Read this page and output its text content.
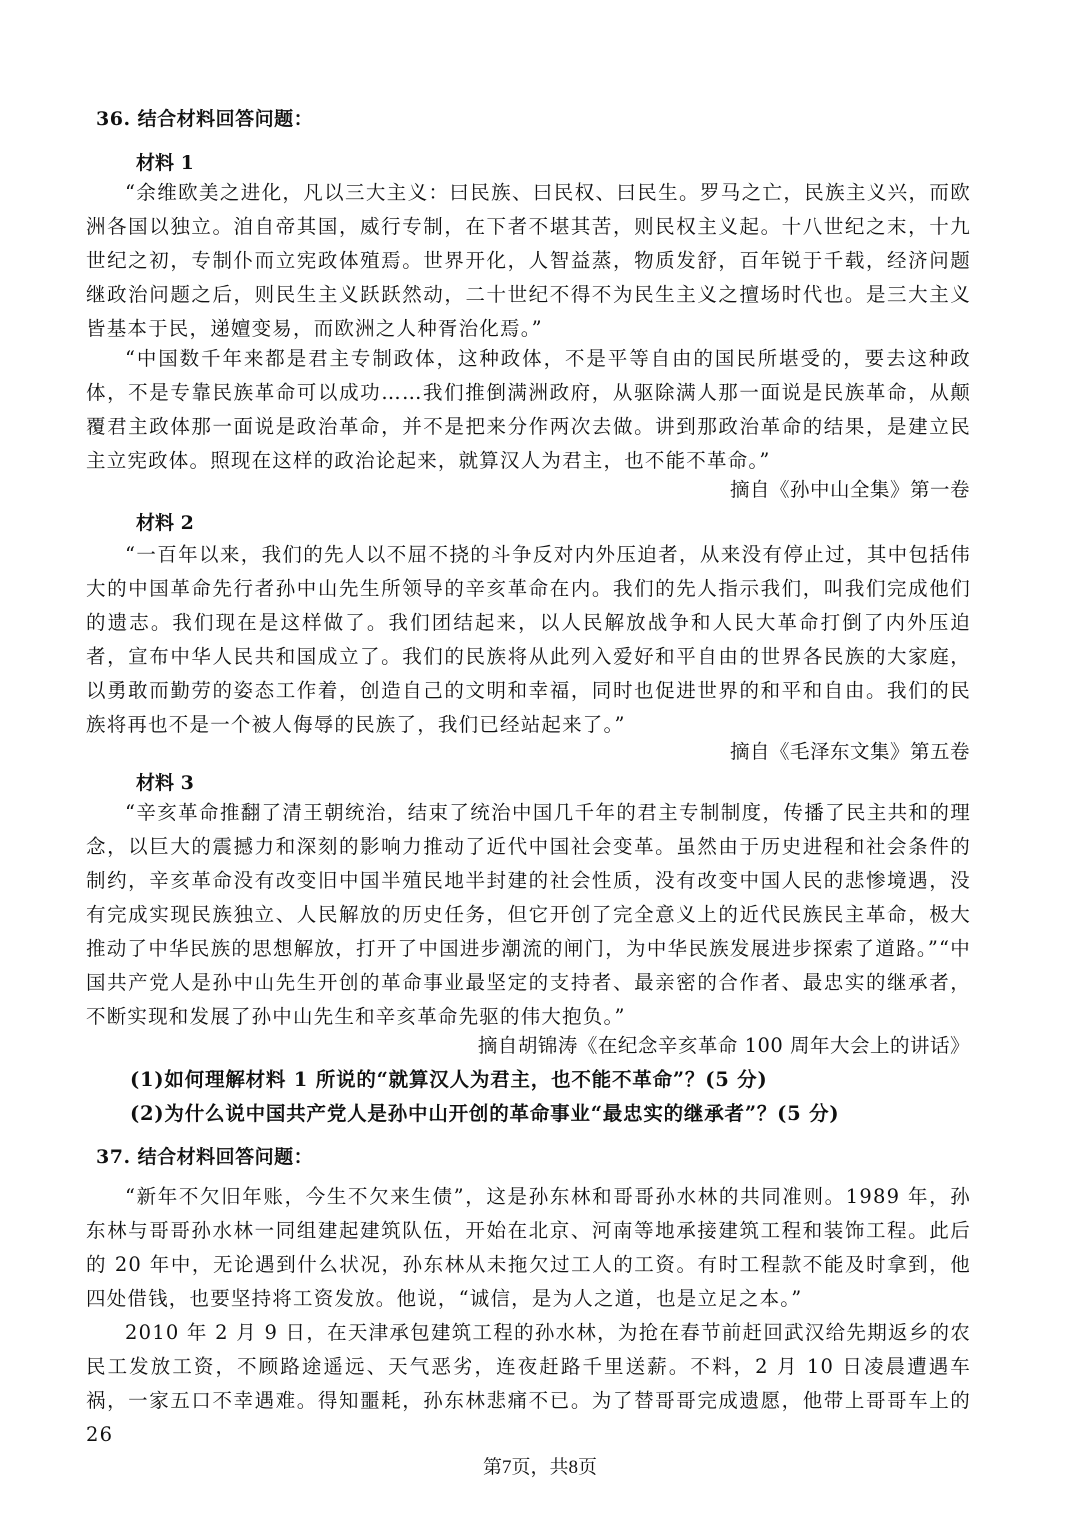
36. 结合材料回答问题：
材料 1

“余维欧美之进化，凡以三大主义：曰民族、曰民权、曰民生。罗马之亡，民族主义兴，而欧洲各国以独立。洎自帝其国，威行专制，在下者不堪其苦，则民权主义起。十八世纪之末，十九世纪之初，专制仆而立宪政体殖焉。世界开化，人智益蒸，物质发舒，百年锐于千载，经济问题继政治问题之后，则民生主义跃跃然动，二十世纪不得不为民生主义之擅场时代也。是三大主义皆基本于民，递嬗变易，而欧洲之人种胥治化焉。”

“中国数千年来都是君主专制政体，这种政体，不是平等自由的国民所堪受的，要去这种政体，不是专靠民族革命可以成功……我们推倒满洲政府，从驱除满人那一面说是民族革命，从颠覆君主政体那一面说是政治革命，并不是把来分作两次去做。讲到那政治革命的结果，是建立民主立宪政体。照现在这样的政治论起来，就算汉人为君主，也不能不革命。”

摘自《孙中山全集》第一卷
材料 2

“一百年以来，我们的先人以不屈不挠的斗争反对内外压迫者，从来没有停止过，其中包括伟大的中国革命先行者孙中山先生所领导的辛亥革命在内。我们的先人指示我们，叫我们完成他们的遗志。我们现在是这样做了。我们团结起来，以人民解放战争和人民大革命打倒了内外压迫者，宣布中华人民共和国成立了。我们的民族将从此列入爱好和平自由的世界各民族的大家庭，以勇敢而勤劳的姿态工作着，创造自己的文明和幸福，同时也促进世界的和平和自由。我们的民族将再也不是一个被人侮辱的民族了，我们已经站起来了。”

摘自《毛泽东文集》第五卷
材料 3

“辛亥革命推翻了清王朝统治，结束了统治中国几千年的君主专制制度，传播了民主共和的理念，以巨大的震撼力和深刻的影响力推动了近代中国社会变革。虽然由于历史进程和社会条件的制约，辛亥革命没有改变旧中国半殖民地半封建的社会性质，没有改变中国人民的悲惨境遇，没有完成实现民族独立、人民解放的历史任务，但它开创了完全意义上的近代民族民主革命，极大推动了中华民族的思想解放，打开了中国进步潮流的闸门，为中华民族发展进步探索了道路。”“中国共产党人是孙中山先生开创的革命事业最坚定的支持者、最亲密的合作者、最忠实的继承者，不断实现和发展了孙中山先生和辛亥革命先驱的伟大抱负。”

摘自胡锦涛《在纪念辛亥革命 100 周年大会上的讲话》
(1)如何理解材料 1 所说的“就算汉人为君主，也不能不革命”？(5 分)
(2)为什么说中国共产党人是孙中山开创的革命事业“最忠实的继承者”？(5 分)
37. 结合材料回答问题：

“新年不欠旧年账，今生不欠来生债”，这是孙东林和哥哥孙水林的共同准则。1989 年，孙东林与哥哥孙水林一同组建起建筑队伍，开始在北京、河南等地承接建筑工程和装饰工程。此后的 20 年中，无论遇到什么状况，孙东林从未拖欠过工人的工资。有时工程款不能及时拿到，他四处借钱，也要坚持将工资发放。他说，“诚信，是为人之道，也是立足之本。”

2010 年 2 月 9 日，在天津承包建筑工程的孙水林，为抢在春节前赶回武汉给先期返乡的农民工发放工资，不顾路途遥远、天气恶劣，连夜赶路千里送薪。不料，2 月 10 日凌晨遭遇车祸，一家五口不幸遇难。得知噩耗，孙东林悲痛不已。为了替哥哥完成遗愿，他带上哥哥车上的 26

第7页，共8页
